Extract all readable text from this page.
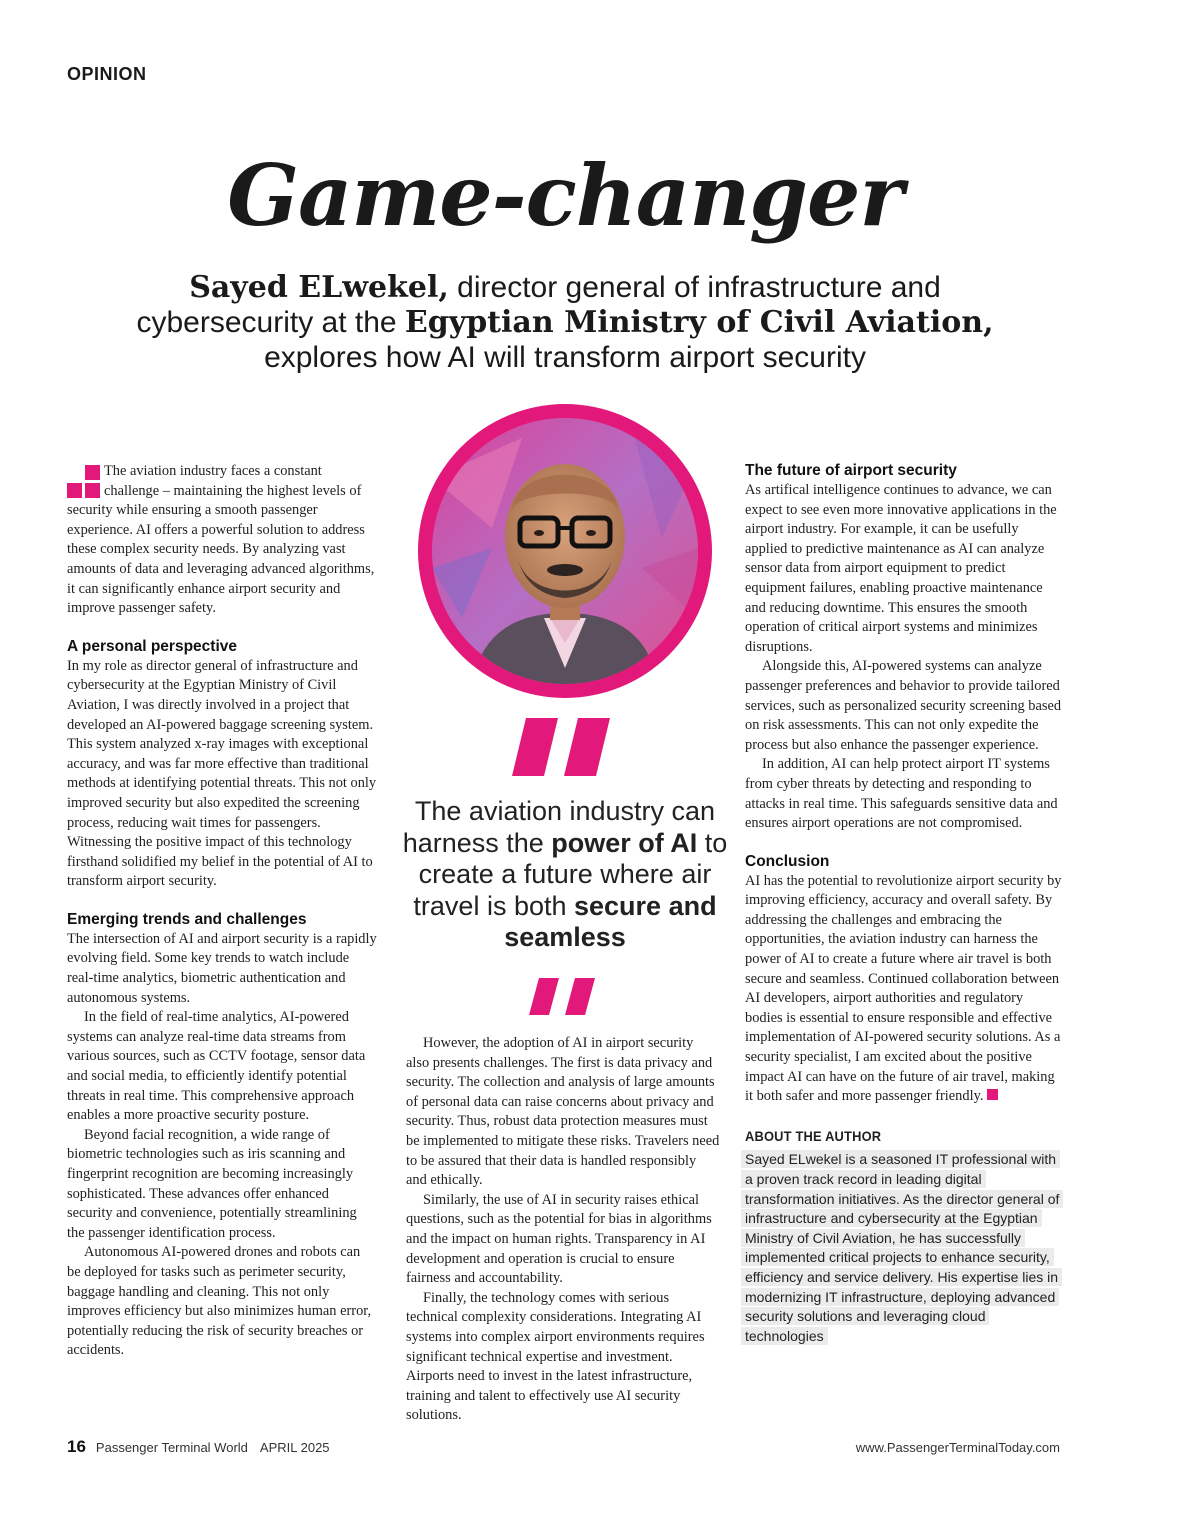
OPINION
Game-changer
Sayed ELwekel, director general of infrastructure and cybersecurity at the Egyptian Ministry of Civil Aviation, explores how AI will transform airport security

The aviation industry faces a constant challenge – maintaining the highest levels of security while ensuring a smooth passenger experience. AI offers a powerful solution to address these complex security needs. By analyzing vast amounts of data and leveraging advanced algorithms, it can significantly enhance airport security and improve passenger safety.

A personal perspective

In my role as director general of infrastructure and cybersecurity at the Egyptian Ministry of Civil Aviation, I was directly involved in a project that developed an AI-powered baggage screening system. This system analyzed x-ray images with exceptional accuracy, and was far more effective than traditional methods at identifying potential threats. This not only improved security but also expedited the screening process, reducing wait times for passengers. Witnessing the positive impact of this technology firsthand solidified my belief in the potential of AI to transform airport security.

Emerging trends and challenges

The intersection of AI and airport security is a rapidly evolving field. Some key trends to watch include real-time analytics, biometric authentication and autonomous systems.

In the field of real-time analytics, AI-powered systems can analyze real-time data streams from various sources, such as CCTV footage, sensor data and social media, to efficiently identify potential threats in real time. This comprehensive approach enables a more proactive security posture.

Beyond facial recognition, a wide range of biometric technologies such as iris scanning and fingerprint recognition are becoming increasingly sophisticated. These advances offer enhanced security and convenience, potentially streamlining the passenger identification process.

Autonomous AI-powered drones and robots can be deployed for tasks such as perimeter security, baggage handling and cleaning. This not only improves efficiency but also minimizes human error, potentially reducing the risk of security breaches or accidents.

The aviation industry can harness the power of AI to create a future where air travel is both secure and seamless

However, the adoption of AI in airport security also presents challenges. The first is data privacy and security. The collection and analysis of large amounts of personal data can raise concerns about privacy and security. Thus, robust data protection measures must be implemented to mitigate these risks. Travelers need to be assured that their data is handled responsibly and ethically.

Similarly, the use of AI in security raises ethical questions, such as the potential for bias in algorithms and the impact on human rights. Transparency in AI development and operation is crucial to ensure fairness and accountability.

Finally, the technology comes with serious technical complexity considerations. Integrating AI systems into complex airport environments requires significant technical expertise and investment. Airports need to invest in the latest infrastructure, training and talent to effectively use AI security solutions.

The future of airport security

As artifical intelligence continues to advance, we can expect to see even more innovative applications in the airport industry. For example, it can be usefully applied to predictive maintenance as AI can analyze sensor data from airport equipment to predict equipment failures, enabling proactive maintenance and reducing downtime. This ensures the smooth operation of critical airport systems and minimizes disruptions.

Alongside this, AI-powered systems can analyze passenger preferences and behavior to provide tailored services, such as personalized security screening based on risk assessments. This can not only expedite the process but also enhance the passenger experience.

In addition, AI can help protect airport IT systems from cyber threats by detecting and responding to attacks in real time. This safeguards sensitive data and ensures airport operations are not compromised.

Conclusion

AI has the potential to revolutionize airport security by improving efficiency, accuracy and overall safety. By addressing the challenges and embracing the opportunities, the aviation industry can harness the power of AI to create a future where air travel is both secure and seamless. Continued collaboration between AI developers, airport authorities and regulatory bodies is essential to ensure responsible and effective implementation of AI-powered security solutions. As a security specialist, I am excited about the positive impact AI can have on the future of air travel, making it both safer and more passenger friendly.

ABOUT THE AUTHOR
Sayed ELwekel is a seasoned IT professional with a proven track record in leading digital transformation initiatives. As the director general of infrastructure and cybersecurity at the Egyptian Ministry of Civil Aviation, he has successfully implemented critical projects to enhance security, efficiency and service delivery. His expertise lies in modernizing IT infrastructure, deploying advanced security solutions and leveraging cloud technologies
16 Passenger Terminal World APRIL 2025	www.PassengerTerminalToday.com
